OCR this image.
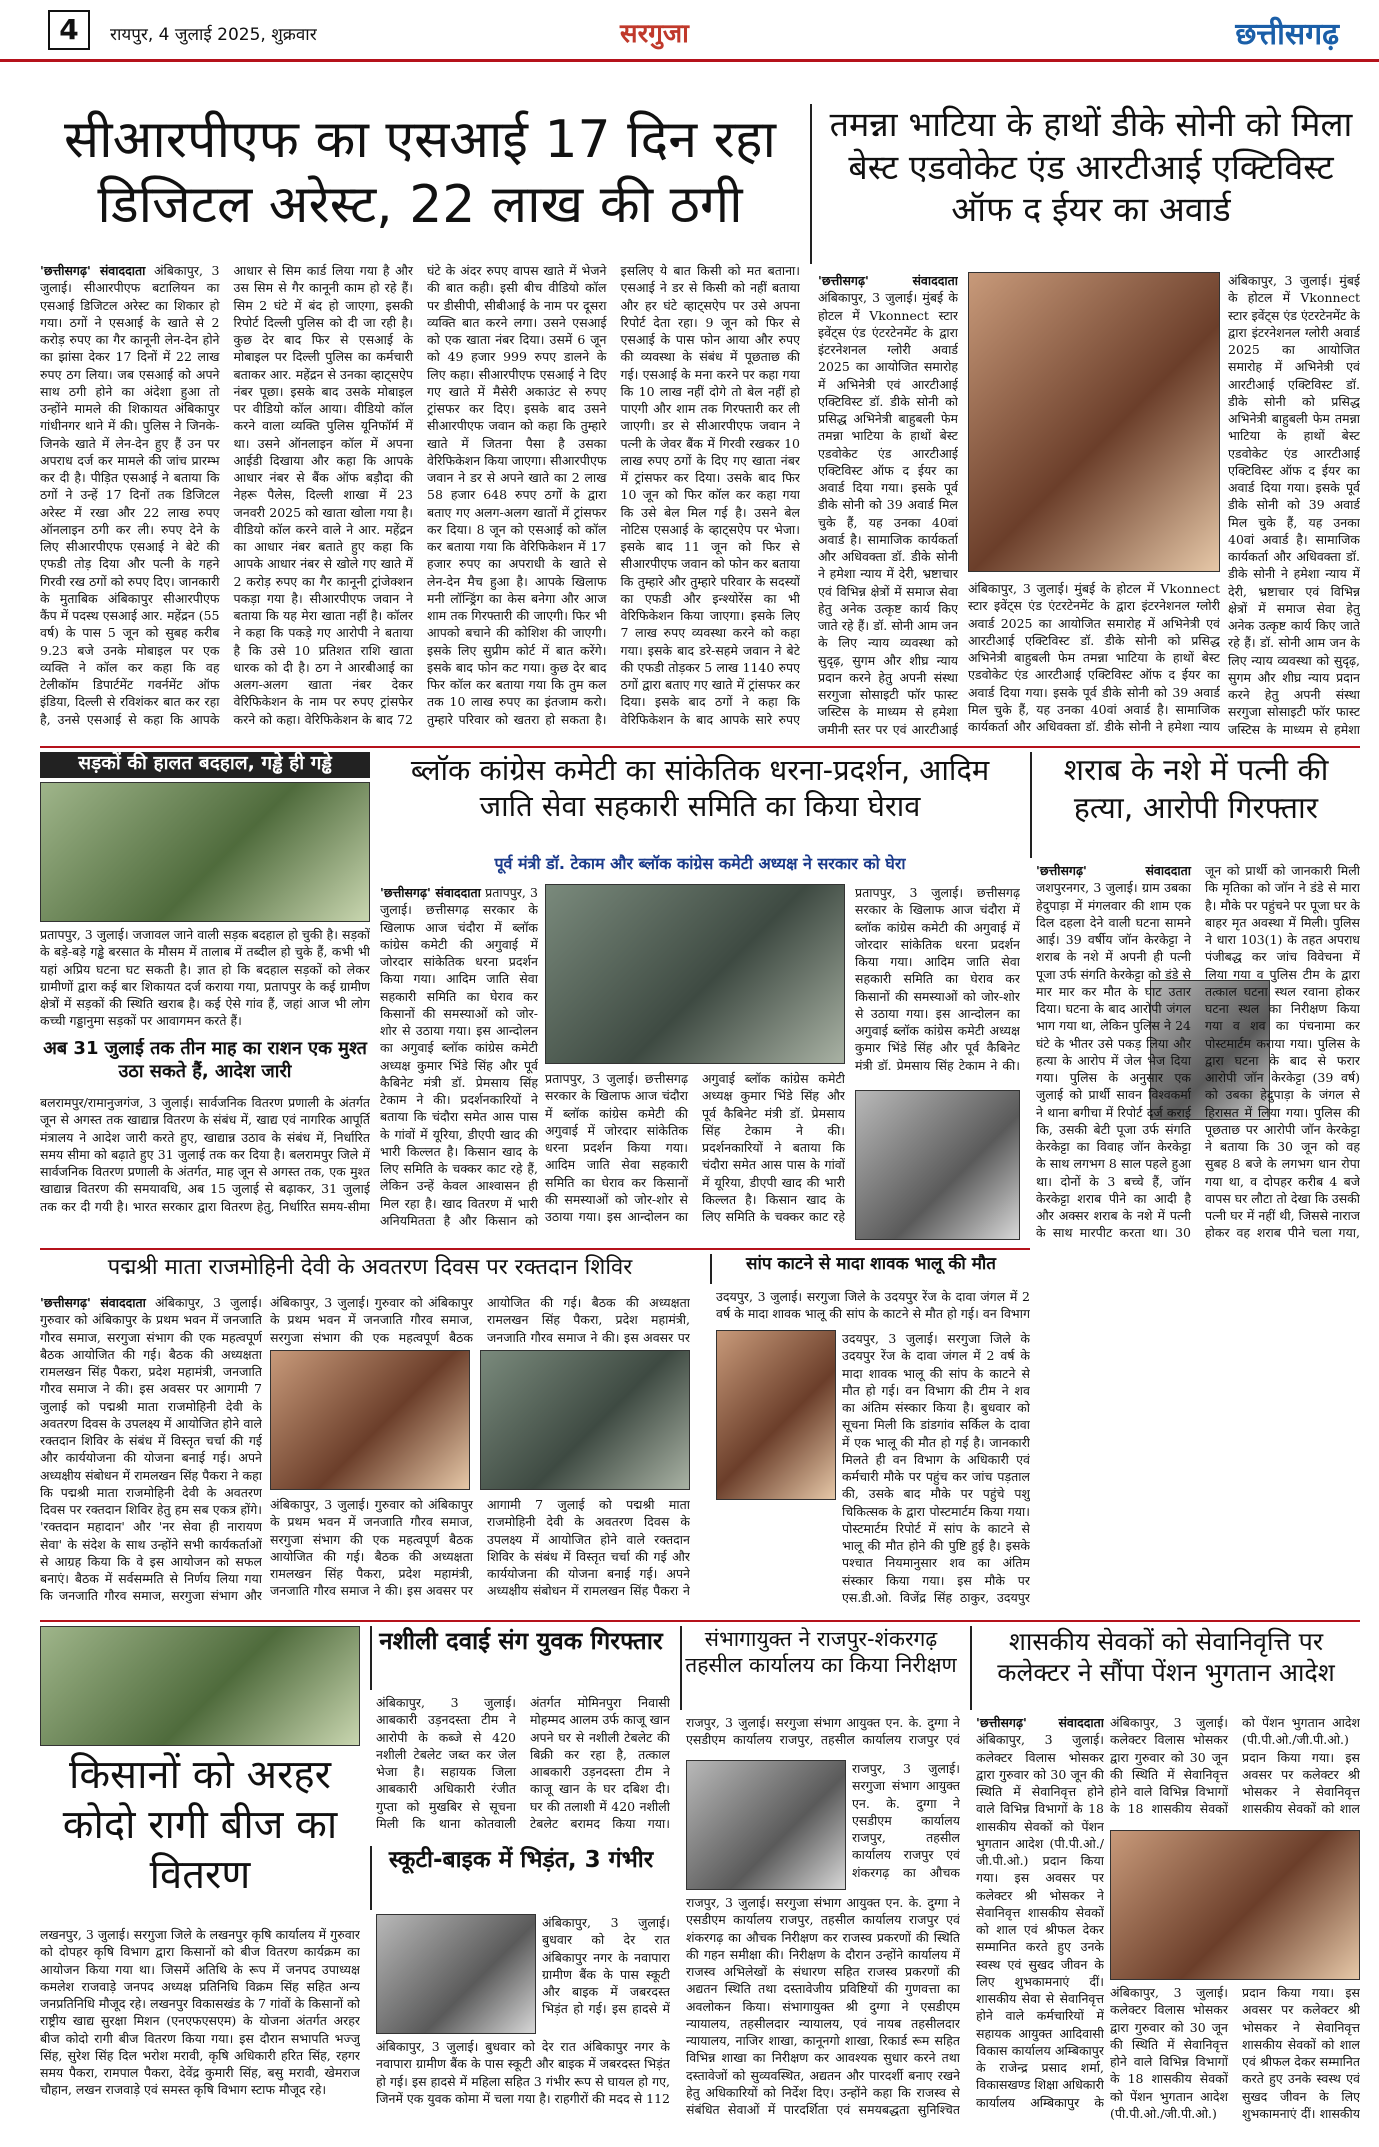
4	रायपुर, 4 जुलाई 2025, शुक्रवार	सरगुजा	छत्तीसगढ़
सीआरपीएफ का एसआई 17 दिन रहा डिजिटल अरेस्ट, 22 लाख की ठगी
'छत्तीसगढ़' संवाददाता अंबिकापुर, 3 जुलाई। सीआरपीएफ बटालियन का एसआई डिजिटल अरेस्ट का शिकार हो गया। ठगों ने एसआई के खाते से 2 करोड़ रुपए का गैर कानूनी लेन-देन होने का झांसा देकर 17 दिनों में 22 लाख रुपए ठग लिया। जब एसआई को अपने साथ ठगी होने का अंदेशा हुआ तो उन्होंने मामले की शिकायत अंबिकापुर गांधीनगर थाने में की। पुलिस ने जिनके-जिनके खाते में लेन-देन हुए हैं उन पर अपराध दर्ज कर मामले की जांच प्रारम्भ कर दी है। पीड़ित एसआई ने बताया कि ठगों ने उन्हें 17 दिनों तक डिजिटल अरेस्ट में रखा और 22 लाख रुपए ऑनलाइन ठगी कर ली। रुपए देने के लिए सीआरपीएफ एसआई ने बेटे की एफडी तोड़ दिया और पत्नी के गहने गिरवी रख ठगों को रुपए दिए। जानकारी के मुताबिक अंबिकापुर सीआरपीएफ कैंप में पदस्थ एसआई आर. महेंद्रन (55 वर्ष) के पास 5 जून को सुबह करीब 9.23 बजे उनके मोबाइल पर एक व्यक्ति ने कॉल कर कहा कि वह टेलीकॉम डिपार्टमेंट गवर्नमेंट ऑफ इंडिया, दिल्ली से रविशंकर बात कर रहा है, उनसे एसआई से कहा कि आपके आधार से सिम कार्ड लिया गया है और उस सिम से गैर कानूनी काम हो रहे हैं। सिम 2 घंटे में बंद हो जाएगा, इसकी रिपोर्ट दिल्ली पुलिस को दी जा रही है। कुछ देर बाद फिर से एसआई के मोबाइल पर दिल्ली पुलिस का कर्मचारी बताकर आर. महेंद्रन से उनका व्हाट्सऐप नंबर पूछा। इसके बाद उसके मोबाइल पर वीडियो कॉल आया। वीडियो कॉल करने वाला व्यक्ति पुलिस यूनिफॉर्म में था। उसने ऑनलाइन कॉल में अपना आईडी दिखाया और कहा कि आपके आधार नंबर से बैंक ऑफ बड़ौदा की नेहरू पैलेस, दिल्ली शाखा में 23 जनवरी 2025 को खाता खोला गया है। वीडियो कॉल करने वाले ने आर. महेंद्रन का आधार नंबर बताते हुए कहा कि आपके आधार नंबर से खोले गए खाते में 2 करोड़ रुपए का गैर कानूनी ट्रांजेक्शन पकड़ा गया है। सीआरपीएफ जवान ने बताया कि यह मेरा खाता नहीं है। कॉलर ने कहा कि पकड़े गए आरोपी ने बताया है कि उसे 10 प्रतिशत राशि खाता धारक को दी है। ठग ने आरबीआई का अलग-अलग खाता नंबर देकर वेरिफिकेशन के नाम पर रुपए ट्रांसफेर करने को कहा। वेरिफिकेशन के बाद 72 घंटे के अंदर रुपए वापस खाते में भेजने की बात कही। इसी बीच वीडियो कॉल पर डीसीपी, सीबीआई के नाम पर दूसरा व्यक्ति बात करने लगा। उसने एसआई को एक खाता नंबर दिया। उसमें 6 जून को 49 हजार 999 रुपए डालने के लिए कहा। सीआरपीएफ एसआई ने दिए गए खाते में मैसेरी अकाउंट से रुपए ट्रांसफर कर दिए। इसके बाद उसने सीआरपीएफ जवान को कहा कि तुम्हारे खाते में जितना पैसा है उसका वेरिफिकेशन किया जाएगा। सीआरपीएफ जवान ने डर से अपने खाते का 2 लाख 58 हजार 648 रुपए ठगों के द्वारा बताए गए अलग-अलग खातों में ट्रांसफर कर दिया। 8 जून को एसआई को कॉल कर बताया गया कि वेरिफिकेशन में 17 हजार रुपए का अपराधी के खाते से लेन-देन मैच हुआ है। आपके खिलाफ मनी लॉन्ड्रिंग का केस बनेगा और आज शाम तक गिरफ्तारी की जाएगी। फिर भी आपको बचाने की कोशिश की जाएगी। इसके लिए सुप्रीम कोर्ट में बात करेंगे। इसके बाद फोन कट गया। कुछ देर बाद फिर कॉल कर बताया गया कि तुम कल तक 10 लाख रुपए का इंतजाम करो। तुम्हारे परिवार को खतरा हो सकता है। इसलिए ये बात किसी को मत बताना। एसआई ने डर से किसी को नहीं बताया और हर घंटे व्हाट्सऐप पर उसे अपना रिपोर्ट देता रहा। 9 जून को फिर से एसआई के पास फोन आया और रुपए की व्यवस्था के संबंध में पूछताछ की गई। एसआई के मना करने पर कहा गया कि 10 लाख नहीं दोगे तो बेल नहीं हो पाएगी और शाम तक गिरफ्तारी कर ली जाएगी। डर से सीआरपीएफ जवान ने पत्नी के जेवर बैंक में गिरवी रखकर 10 लाख रुपए ठगों के दिए गए खाता नंबर में ट्रांसफर कर दिया। उसके बाद फिर 10 जून को फिर कॉल कर कहा गया कि उसे बेल मिल गई है। उसने बेल नोटिस एसआई के व्हाट्सऐप पर भेजा। इसके बाद 11 जून को फिर से सीआरपीएफ जवान को फोन कर बताया कि तुम्हारे और तुम्हारे परिवार के सदस्यों का एफडी और इन्श्योरेंस का भी वेरिफिकेशन किया जाएगा। इसके लिए 7 लाख रुपए व्यवस्था करने को कहा गया। इसके बाद डरे-सहमे जवान ने बेटे की एफडी तोड़कर 5 लाख 1140 रुपए ठगों द्वारा बताए गए खाते में ट्रांसफर कर दिया। इसके बाद ठगों ने कहा कि वेरिफिकेशन के बाद आपके सारे रुपए
तमन्ना भाटिया के हाथों डीके सोनी को मिला बेस्ट एडवोकेट एंड आरटीआई एक्टिविस्ट ऑफ द ईयर का अवार्ड
'छत्तीसगढ़' संवाददाता अंबिकापुर, 3 जुलाई। मुंबई के होटल में Vkonnect स्टार इवेंट्स एंड एंटरटेनमेंट के द्वारा इंटरनेशनल ग्लोरी अवार्ड 2025 का आयोजित समारोह में अभिनेत्री एवं आरटीआई एक्टिविस्ट डॉ. डीके सोनी को प्रसिद्ध अभिनेत्री बाहुबली फेम तमन्ना भाटिया के हाथों बेस्ट एडवोकेट एंड आरटीआई एक्टिविस्ट ऑफ द ईयर का अवार्ड दिया गया। इसके पूर्व डीके सोनी को 39 अवार्ड मिल चुके हैं, यह उनका 40वां अवार्ड है। सामाजिक कार्यकर्ता और अधिवक्ता डॉ. डीके सोनी ने हमेशा न्याय में देरी, भ्रष्टाचार एवं विभिन्न क्षेत्रों में समाज सेवा हेतु अनेक उत्कृष्ट कार्य किए जाते रहे हैं। डॉ. सोनी आम जन के लिए न्याय व्यवस्था को सुदृढ़, सुगम और शीघ्र न्याय प्रदान करने हेतु अपनी संस्था सरगुजा सोसाइटी फॉर फास्ट जस्टिस के माध्यम से हमेशा जमीनी स्तर पर एवं आरटीआई
अंबिकापुर, 3 जुलाई। मुंबई के होटल में Vkonnect स्टार इवेंट्स एंड एंटरटेनमेंट के द्वारा इंटरनेशनल ग्लोरी अवार्ड 2025 का आयोजित समारोह में अभिनेत्री एवं आरटीआई एक्टिविस्ट डॉ. डीके सोनी को प्रसिद्ध अभिनेत्री बाहुबली फेम तमन्ना भाटिया के हाथों बेस्ट एडवोकेट एंड आरटीआई एक्टिविस्ट ऑफ द ईयर का अवार्ड दिया गया। इसके पूर्व डीके सोनी को 39 अवार्ड मिल चुके हैं, यह उनका 40वां अवार्ड है। सामाजिक कार्यकर्ता और अधिवक्ता डॉ. डीके सोनी ने हमेशा न्याय में देरी, भ्रष्टाचार एवं विभिन्न क्षेत्रों में समाज सेवा हेतु अनेक उत्कृष्ट कार्य किए जाते रहे हैं। डॉ. सोनी आम जन के लिए न्याय व्यवस्था को सुदृढ़, सुगम और शीघ्र न्याय प्रदान करने हेतु अपनी संस्था सरगुजा सोसाइटी फॉर फास्ट जस्टिस के माध्यम से हमेशा
अंबिकापुर, 3 जुलाई। मुंबई के होटल में Vkonnect स्टार इवेंट्स एंड एंटरटेनमेंट के द्वारा इंटरनेशनल ग्लोरी अवार्ड 2025 का आयोजित समारोह में अभिनेत्री एवं आरटीआई एक्टिविस्ट डॉ. डीके सोनी को प्रसिद्ध अभिनेत्री बाहुबली फेम तमन्ना भाटिया के हाथों बेस्ट एडवोकेट एंड आरटीआई एक्टिविस्ट ऑफ द ईयर का अवार्ड दिया गया। इसके पूर्व डीके सोनी को 39 अवार्ड मिल चुके हैं, यह उनका 40वां अवार्ड है। सामाजिक कार्यकर्ता और अधिवक्ता डॉ. डीके सोनी ने हमेशा न्याय
सड़कों की हालत बदहाल, गड्ढे ही गड्ढे
प्रतापपुर, 3 जुलाई। जजावल जाने वाली सड़क बदहाल हो चुकी है। सड़कों के बड़े-बड़े गड्ढे बरसात के मौसम में तालाब में तब्दील हो चुके हैं, कभी भी यहां अप्रिय घटना घट सकती है। ज्ञात हो कि बदहाल सड़कों को लेकर ग्रामीणों द्वारा कई बार शिकायत दर्ज कराया गया, प्रतापपुर के कई ग्रामीण क्षेत्रों में सड़कों की स्थिति खराब है। कई ऐसे गांव हैं, जहां आज भी लोग कच्ची गड्डानुमा सड़कों पर आवागमन करते हैं।
अब 31 जुलाई तक तीन माह का राशन एक मुश्त उठा सकते हैं, आदेश जारी
बलरामपुर/रामानुजगंज, 3 जुलाई। सार्वजनिक वितरण प्रणाली के अंतर्गत जून से अगस्त तक खाद्यान्न वितरण के संबंध में, खाद्य एवं नागरिक आपूर्ति मंत्रालय ने आदेश जारी करते हुए, खाद्यान्न उठाव के संबंध में, निर्धारित समय सीमा को बढ़ाते हुए 31 जुलाई तक कर दिया है। बलरामपुर जिले में सार्वजनिक वितरण प्रणाली के अंतर्गत, माह जून से अगस्त तक, एक मुश्त खाद्यान्न वितरण की समयावधि, अब 15 जुलाई से बढ़ाकर, 31 जुलाई तक कर दी गयी है। भारत सरकार द्वारा वितरण हेतु, निर्धारित समय-सीमा
ब्लॉक कांग्रेस कमेटी का सांकेतिक धरना-प्रदर्शन, आदिम जाति सेवा सहकारी समिति का किया घेराव
पूर्व मंत्री डॉ. टेकाम और ब्लॉक कांग्रेस कमेटी अध्यक्ष ने सरकार को घेरा
'छत्तीसगढ़' संवाददाता प्रतापपुर, 3 जुलाई। छत्तीसगढ़ सरकार के खिलाफ आज चंदौरा में ब्लॉक कांग्रेस कमेटी की अगुवाई में जोरदार सांकेतिक धरना प्रदर्शन किया गया। आदिम जाति सेवा सहकारी समिति का घेराव कर किसानों की समस्याओं को जोर-शोर से उठाया गया। इस आन्दोलन का अगुवाई ब्लॉक कांग्रेस कमेटी अध्यक्ष कुमार भिंडे सिंह और पूर्व कैबिनेट मंत्री डॉ. प्रेमसाय सिंह टेकाम ने की। प्रदर्शनकारियों ने बताया कि चंदौरा समेत आस पास के गांवों में यूरिया, डीएपी खाद की भारी किल्लत है। किसान खाद के लिए समिति के चक्कर काट रहे हैं, लेकिन उन्हें केवल आश्वासन ही मिल रहा है। खाद वितरण में भारी अनियमितता है और किसान को
प्रतापपुर, 3 जुलाई। छत्तीसगढ़ सरकार के खिलाफ आज चंदौरा में ब्लॉक कांग्रेस कमेटी की अगुवाई में जोरदार सांकेतिक धरना प्रदर्शन किया गया। आदिम जाति सेवा सहकारी समिति का घेराव कर किसानों की समस्याओं को जोर-शोर से उठाया गया। इस आन्दोलन का अगुवाई ब्लॉक कांग्रेस कमेटी अध्यक्ष कुमार भिंडे सिंह और पूर्व कैबिनेट मंत्री डॉ. प्रेमसाय सिंह टेकाम ने की। प्रदर्शनकारियों ने बताया कि चंदौरा समेत आस पास के गांवों में यूरिया, डीएपी खाद की भारी किल्लत है। किसान खाद के लिए समिति के चक्कर काट रहे
प्रतापपुर, 3 जुलाई। छत्तीसगढ़ सरकार के खिलाफ आज चंदौरा में ब्लॉक कांग्रेस कमेटी की अगुवाई में जोरदार सांकेतिक धरना प्रदर्शन किया गया। आदिम जाति सेवा सहकारी समिति का घेराव कर किसानों की समस्याओं को जोर-शोर से उठाया गया। इस आन्दोलन का अगुवाई ब्लॉक कांग्रेस कमेटी अध्यक्ष कुमार भिंडे सिंह और पूर्व कैबिनेट मंत्री डॉ. प्रेमसाय सिंह टेकाम ने की।
शराब के नशे में पत्नी की हत्या, आरोपी गिरफ्तार
'छत्तीसगढ़' संवाददाता जशपुरनगर, 3 जुलाई। ग्राम उबका हेदुपाड़ा में मंगलवार की शाम एक दिल दहला देने वाली घटना सामने आई। 39 वर्षीय जॉन केरकेट्टा ने शराब के नशे में अपनी ही पत्नी पूजा उर्फ संगति केरकेट्टा को डंडे से मार मार कर मौत के घाट उतार दिया। घटना के बाद आरोपी जंगल भाग गया था, लेकिन पुलिस ने 24 घंटे के भीतर उसे पकड़ लिया और हत्या के आरोप में जेल भेज दिया गया। पुलिस के अनुसार एक जुलाई को प्रार्थी सावन विश्वकर्मा ने थाना बगीचा में रिपोर्ट दर्ज कराई कि, उसकी बेटी पूजा उर्फ संगति केरकेट्टा का विवाह जॉन केरकेट्टा के साथ लगभग 8 साल पहले हुआ था। दोनों के 3 बच्चे हैं, जॉन केरकेट्टा शराब पीने का आदी है और अक्सर शराब के नशे में पत्नी के साथ मारपीट करता था। 30 जून को प्रार्थी को जानकारी मिली कि मृतिका को जॉन ने डंडे से मारा है। मौके पर पहुंचने पर पूजा घर के बाहर मृत अवस्था में मिली। पुलिस ने धारा 103(1) के तहत अपराध पंजीबद्ध कर जांच विवेचना में लिया गया व पुलिस टीम के द्वारा तत्काल घटना स्थल रवाना होकर घटना स्थल का निरीक्षण किया गया व शव का पंचनामा कर पोस्टमार्टम कराया गया। पुलिस के द्वारा घटना के बाद से फरार आरोपी जॉन केरकेट्टा (39 वर्ष) को उबका हेदुपाड़ा के जंगल से हिरासत में लिया गया। पुलिस की पूछताछ पर आरोपी जॉन केरकेट्टा ने बताया कि 30 जून को वह सुबह 8 बजे के लगभग धान रोपा गया था, व दोपहर करीब 4 बजे वापस घर लौटा तो देखा कि उसकी पत्नी घर में नहीं थी, जिससे नाराज होकर वह शराब पीने चला गया,
पद्मश्री माता राजमोहिनी देवी के अवतरण दिवस पर रक्तदान शिविर
'छत्तीसगढ़' संवाददाता अंबिकापुर, 3 जुलाई। गुरुवार को अंबिकापुर के प्रथम भवन में जनजाति गौरव समाज, सरगुजा संभाग की एक महत्वपूर्ण बैठक आयोजित की गई। बैठक की अध्यक्षता रामलखन सिंह पैकरा, प्रदेश महामंत्री, जनजाति गौरव समाज ने की। इस अवसर पर आगामी 7 जुलाई को पद्मश्री माता राजमोहिनी देवी के अवतरण दिवस के उपलक्ष्य में आयोजित होने वाले रक्तदान शिविर के संबंध में विस्तृत चर्चा की गई और कार्ययोजना की योजना बनाई गई। अपने अध्यक्षीय संबोधन में रामलखन सिंह पैकरा ने कहा कि पद्मश्री माता राजमोहिनी देवी के अवतरण दिवस पर रक्तदान शिविर हेतु हम सब एकत्र होंगे। 'रक्तदान महादान' और 'नर सेवा ही नारायण सेवा' के संदेश के साथ उन्होंने सभी कार्यकर्ताओं से आग्रह किया कि वे इस आयोजन को सफल बनाएं। बैठक में सर्वसम्मति से निर्णय लिया गया कि जनजाति गौरव समाज, सरगुजा संभाग और
अंबिकापुर, 3 जुलाई। गुरुवार को अंबिकापुर के प्रथम भवन में जनजाति गौरव समाज, सरगुजा संभाग की एक महत्वपूर्ण बैठक आयोजित की गई। बैठक की अध्यक्षता रामलखन सिंह पैकरा, प्रदेश महामंत्री, जनजाति गौरव समाज ने की। इस अवसर पर
अंबिकापुर, 3 जुलाई। गुरुवार को अंबिकापुर के प्रथम भवन में जनजाति गौरव समाज, सरगुजा संभाग की एक महत्वपूर्ण बैठक आयोजित की गई। बैठक की अध्यक्षता रामलखन सिंह पैकरा, प्रदेश महामंत्री, जनजाति गौरव समाज ने की। इस अवसर पर आगामी 7 जुलाई को पद्मश्री माता राजमोहिनी देवी के अवतरण दिवस के उपलक्ष्य में आयोजित होने वाले रक्तदान शिविर के संबंध में विस्तृत चर्चा की गई और कार्ययोजना की योजना बनाई गई। अपने अध्यक्षीय संबोधन में रामलखन सिंह पैकरा ने
सांप काटने से मादा शावक भालू की मौत
उदयपुर, 3 जुलाई। सरगुजा जिले के उदयपुर रेंज के दावा जंगल में 2 वर्ष के मादा शावक भालू की सांप के काटने से मौत हो गई। वन विभाग
उदयपुर, 3 जुलाई। सरगुजा जिले के उदयपुर रेंज के दावा जंगल में 2 वर्ष के मादा शावक भालू की सांप के काटने से मौत हो गई। वन विभाग की टीम ने शव का अंतिम संस्कार किया है। बुधवार को सूचना मिली कि डांडगांव सर्किल के दावा में एक भालू की मौत हो गई है। जानकारी मिलते ही वन विभाग के अधिकारी एवं कर्मचारी मौके पर पहुंच कर जांच पड़ताल की, उसके बाद मौके पर पहुंचे पशु चिकित्सक के द्वारा पोस्टमार्टम किया गया। पोस्टमार्टम रिपोर्ट में सांप के काटने से भालू की मौत होने की पुष्टि हुई है। इसके पश्चात नियमानुसार शव का अंतिम संस्कार किया गया। इस मौके पर एस.डी.ओ. विजेंद्र सिंह ठाकुर, उदयपुर
किसानों को अरहर कोदो रागी बीज का वितरण
लखनपुर, 3 जुलाई। सरगुजा जिले के लखनपुर कृषि कार्यालय में गुरुवार को दोपहर कृषि विभाग द्वारा किसानों को बीज वितरण कार्यक्रम का आयोजन किया गया था। जिसमें अतिथि के रूप में जनपद उपाध्यक्ष कमलेश राजवाड़े जनपद अध्यक्ष प्रतिनिधि विक्रम सिंह सहित अन्य जनप्रतिनिधि मौजूद रहे। लखनपुर विकासखंड के 7 गांवों के किसानों को राष्ट्रीय खाद्य सुरक्षा मिशन (एनएफएसएम) के योजना अंतर्गत अरहर बीज कोदो रागी बीज वितरण किया गया। इस दौरान सभापति भज्जु सिंह, सुरेश सिंह दिल भरोश मरावी, कृषि अधिकारी हरित सिंह, रहगर समय पैकरा, रामपाल पैकरा, देवेंद्र कुमारी सिंह, बसु मरावी, खेमराज चौहान, लखन राजवाड़े एवं समस्त कृषि विभाग स्टाफ मौजूद रहे।
नशीली दवाई संग युवक गिरफ्तार
अंबिकापुर, 3 जुलाई। आबकारी उड़नदस्ता टीम ने आरोपी के कब्जे से 420 नशीली टेबलेट जब्त कर जेल भेजा है। सहायक जिला आबकारी अधिकारी रंजीत गुप्ता को मुखबिर से सूचना मिली कि थाना कोतवाली अंतर्गत मोमिनपुरा निवासी मोहम्मद आलम उर्फ काजू खान अपने घर से नशीली टेबलेट की बिक्री कर रहा है, तत्काल आबकारी उड़नदस्ता टीम ने काजू खान के घर दबिश दी। घर की तलाशी में 420 नशीली टेबलेट बरामद किया गया।
स्कूटी-बाइक में भिड़ंत, 3 गंभीर
अंबिकापुर, 3 जुलाई। बुधवार को देर रात अंबिकापुर नगर के नवापारा ग्रामीण बैंक के पास स्कूटी और बाइक में जबरदस्त भिड़ंत हो गई। इस हादसे में
अंबिकापुर, 3 जुलाई। बुधवार को देर रात अंबिकापुर नगर के नवापारा ग्रामीण बैंक के पास स्कूटी और बाइक में जबरदस्त भिड़ंत हो गई। इस हादसे में महिला सहित 3 गंभीर रूप से घायल हो गए, जिनमें एक युवक कोमा में चला गया है। राहगीरों की मदद से 112
संभागायुक्त ने राजपुर-शंकरगढ़ तहसील कार्यालय का किया निरीक्षण
राजपुर, 3 जुलाई। सरगुजा संभाग आयुक्त एन. के. दुग्गा ने एसडीएम कार्यालय राजपुर, तहसील कार्यालय राजपुर एवं
राजपुर, 3 जुलाई। सरगुजा संभाग आयुक्त एन. के. दुग्गा ने एसडीएम कार्यालय राजपुर, तहसील कार्यालय राजपुर एवं शंकरगढ़ का औचक
राजपुर, 3 जुलाई। सरगुजा संभाग आयुक्त एन. के. दुग्गा ने एसडीएम कार्यालय राजपुर, तहसील कार्यालय राजपुर एवं शंकरगढ़ का औचक निरीक्षण कर राजस्व प्रकरणों की स्थिति की गहन समीक्षा की। निरीक्षण के दौरान उन्होंने कार्यालय में राजस्व अभिलेखों के संधारण सहित राजस्व प्रकरणों की अद्यतन स्थिति तथा दस्तावेजीय प्रविष्टियों की गुणवत्ता का अवलोकन किया। संभागायुक्त श्री दुग्गा ने एसडीएम न्यायालय, तहसीलदार न्यायालय, एवं नायब तहसीलदार न्यायालय, नाजिर शाखा, कानूनगो शाखा, रिकार्ड रूम सहित विभिन्न शाखा का निरीक्षण कर आवश्यक सुधार करने तथा दस्तावेजों को सुव्यवस्थित, अद्यतन और पारदर्शी बनाए रखने हेतु अधिकारियों को निर्देश दिए। उन्होंने कहा कि राजस्व से संबंधित सेवाओं में पारदर्शिता एवं समयबद्धता सुनिश्चित
शासकीय सेवकों को सेवानिवृत्ति पर कलेक्टर ने सौंपा पेंशन भुगतान आदेश
'छत्तीसगढ़' संवाददाता अंबिकापुर, 3 जुलाई। कलेक्टर विलास भोसकर द्वारा गुरुवार को 30 जून की स्थिति में सेवानिवृत्त होने वाले विभिन्न विभागों के 18 शासकीय सेवकों को पेंशन भुगतान आदेश (पी.पी.ओ./जी.पी.ओ.) प्रदान किया गया। इस अवसर पर कलेक्टर श्री भोसकर ने सेवानिवृत्त शासकीय सेवकों को शाल एवं श्रीफल देकर सम्मानित करते हुए उनके स्वस्थ एवं सुखद जीवन के लिए शुभकामनाएं दीं। शासकीय सेवा से सेवानिवृत्त होने वाले कर्मचारियों में सहायक आयुक्त आदिवासी विकास कार्यालय अम्बिकापुर के राजेन्द्र प्रसाद शर्मा, विकासखण्ड शिक्षा अधिकारी कार्यालय अम्बिकापुर के
अंबिकापुर, 3 जुलाई। कलेक्टर विलास भोसकर द्वारा गुरुवार को 30 जून की स्थिति में सेवानिवृत्त होने वाले विभिन्न विभागों के 18 शासकीय सेवकों को पेंशन भुगतान आदेश (पी.पी.ओ./जी.पी.ओ.) प्रदान किया गया। इस अवसर पर कलेक्टर श्री भोसकर ने सेवानिवृत्त शासकीय सेवकों को शाल
अंबिकापुर, 3 जुलाई। कलेक्टर विलास भोसकर द्वारा गुरुवार को 30 जून की स्थिति में सेवानिवृत्त होने वाले विभिन्न विभागों के 18 शासकीय सेवकों को पेंशन भुगतान आदेश (पी.पी.ओ./जी.पी.ओ.) प्रदान किया गया। इस अवसर पर कलेक्टर श्री भोसकर ने सेवानिवृत्त शासकीय सेवकों को शाल एवं श्रीफल देकर सम्मानित करते हुए उनके स्वस्थ एवं सुखद जीवन के लिए शुभकामनाएं दीं। शासकीय
